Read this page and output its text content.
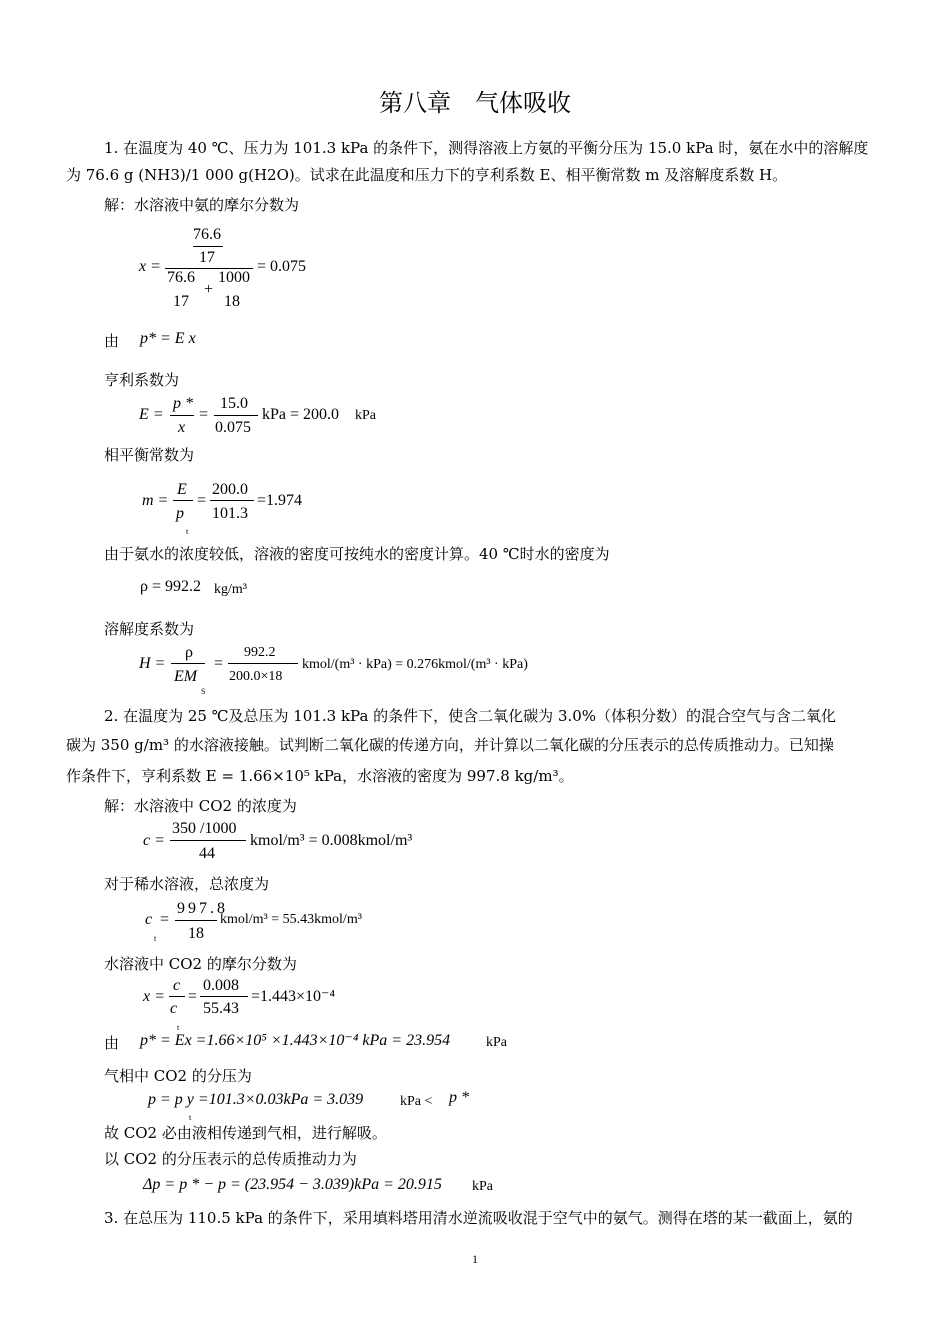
第八章　气体吸收
1. 在温度为 40 ℃、压力为 101.3 kPa 的条件下，测得溶液上方氨的平衡分压为 15.0 kPa 时，氨在水中的溶解度
为 76.6 g (NH3)/1 000 g(H2O)。试求在此温度和压力下的亨利系数 E、相平衡常数 m 及溶解度系数 H。
解：水溶液中氨的摩尔分数为
x =
76.6
17
76.6 1000
+
17 18
= 0.075
由 p* = E x
亨利系数为
E =
p *
x
=
15.0
0.075
kPa = 200.0 kPa
相平衡常数为
m =
E
p
t
=
200.0
101.3
=1.974
由于氨水的浓度较低，溶液的密度可按纯水的密度计算。40 ℃时水的密度为
ρ = 992.2 kg/m³
溶解度系数为
H =
ρ
EM
S
=
992.2
200.0×18
kmol/(m³ · kPa) = 0.276kmol/(m³ · kPa)
2. 在温度为 25 ℃及总压为 101.3 kPa 的条件下，使含二氧化碳为 3.0%（体积分数）的混合空气与含二氧化
碳为 350 g/m³ 的水溶液接触。试判断二氧化碳的传递方向，并计算以二氧化碳的分压表示的总传质推动力。已知操
作条件下，亨利系数 E = 1.66×10⁵ kPa，水溶液的密度为 997.8 kg/m³。
解：水溶液中 CO2 的浓度为
c =
350 /1000
44
kmol/m³ = 0.008kmol/m³
对于稀水溶液，总浓度为
c
t
=
997.8
18
kmol/m³ = 55.43kmol/m³
水溶液中 CO2 的摩尔分数为
x =
c
c
t
=
0.008
55.43
=1.443×10⁻⁴
由 p* = Ex =1.66×10⁵ ×1.443×10⁻⁴ kPa = 23.954	kPa
气相中 CO2 的分压为
p = p y =101.3×0.03kPa = 3.039
t
kPa < p *
故 CO2 必由液相传递到气相，进行解吸。
以 CO2 的分压表示的总传质推动力为
Δp = p * − p = (23.954 − 3.039)kPa = 20.915 kPa
3. 在总压为 110.5 kPa 的条件下，采用填料塔用清水逆流吸收混于空气中的氨气。测得在塔的某一截面上，氨的
1
